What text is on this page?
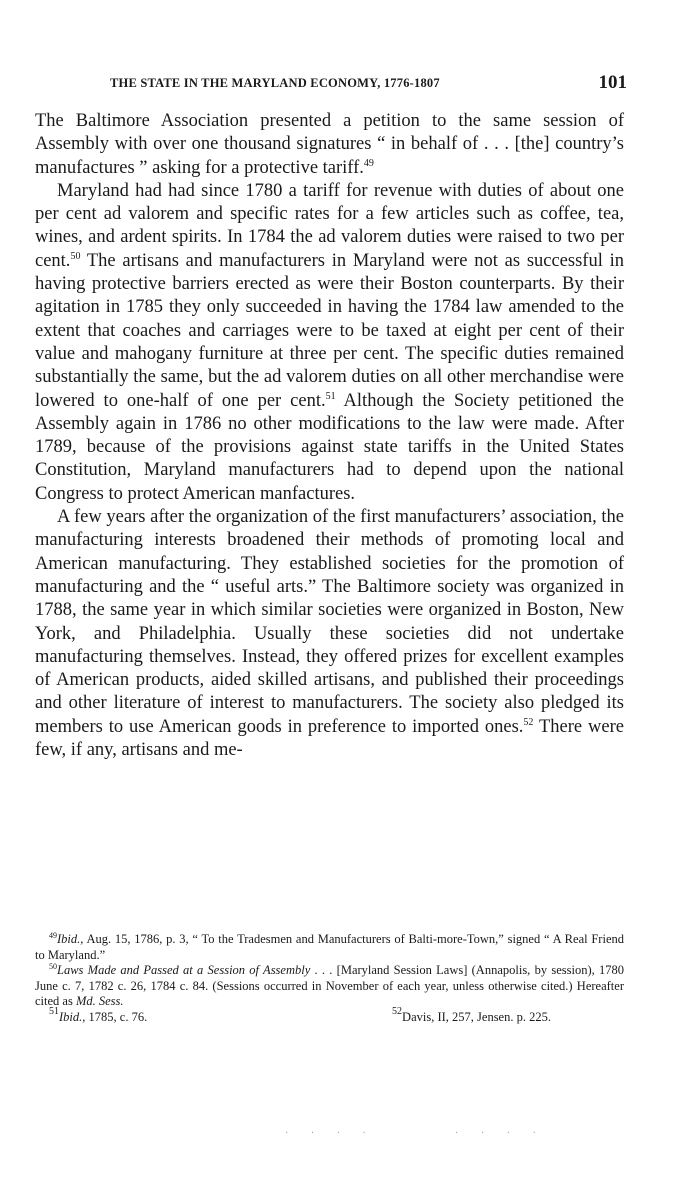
THE STATE IN THE MARYLAND ECONOMY, 1776-1807	101

The Baltimore Association presented a petition to the same session of Assembly with over one thousand signatures “ in behalf of . . . [the] country’s manufactures ” asking for a protective tariff.$^{49}$

Maryland had had since 1780 a tariff for revenue with duties of about one per cent ad valorem and specific rates for a few articles such as coffee, tea, wines, and ardent spirits. In 1784 the ad valorem duties were raised to two per cent.$^{50}$ The artisans and manufacturers in Maryland were not as successful in having protective barriers erected as were their Boston counterparts. By their agitation in 1785 they only succeeded in having the 1784 law amended to the extent that coaches and carriages were to be taxed at eight per cent of their value and mahogany furniture at three per cent. The specific duties remained substantially the same, but the ad valorem duties on all other merchandise were lowered to one-half of one per cent.$^{51}$ Although the Society petitioned the Assembly again in 1786 no other modifications to the law were made. After 1789, because of the provisions against state tariffs in the United States Constitution, Maryland manufacturers had to depend upon the national Congress to protect American manfactures.

A few years after the organization of the first manufacturers’ association, the manufacturing interests broadened their methods of promoting local and American manufacturing. They established societies for the promotion of manufacturing and the “ useful arts.” The Baltimore society was organized in 1788, the same year in which similar societies were organized in Boston, New York, and Philadelphia. Usually these societies did not undertake manufacturing themselves. Instead, they offered prizes for excellent examples of American products, aided skilled artisans, and published their proceedings and other literature of interest to manufacturers. The society also pledged its members to use American goods in preference to imported ones.$^{52}$ There were few, if any, artisans and me-

$^{49}$Ibid., Aug. 15, 1786, p. 3, “ To the Tradesmen and Manufacturers of Balti-more-Town,” signed “ A Real Friend to Maryland.”

$^{50}$Laws Made and Passed at a Session of Assembly . . . [Maryland Session Laws] (Annapolis, by session), 1780 June c. 7, 1782 c. 26, 1784 c. 84. (Sessions occurred in November of each year, unless otherwise cited.) Hereafter cited as Md. Sess.

$^{51}$Ibid., 1785, c. 76.	$^{52}$Davis, II, 257, Jensen. p. 225.
· · · ·	· · · ·
